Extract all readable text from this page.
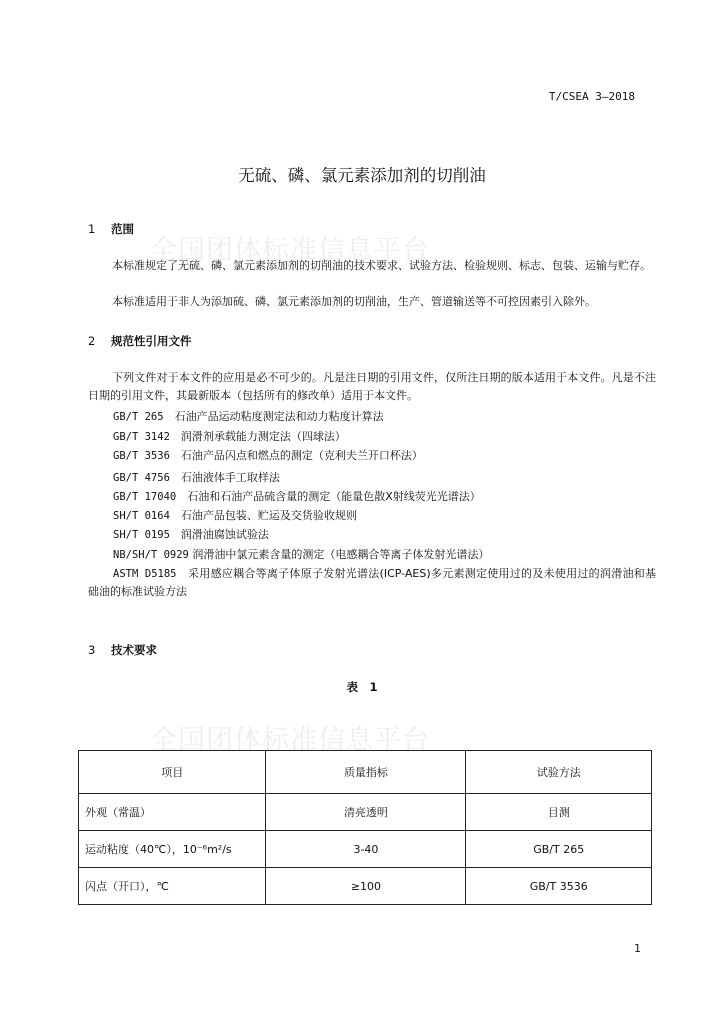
全国团体标准信息平台
全国团体标准信息平台
T/CSEA 3—2018
无硫、磷、氯元素添加剂的切削油
1 范围
本标准规定了无硫、磷、氯元素添加剂的切削油的技术要求、试验方法、检验规则、标志、包装、运输与贮存。
本标准适用于非人为添加硫、磷、氯元素添加剂的切削油，生产、管道输送等不可控因素引入除外。
2 规范性引用文件
下列文件对于本文件的应用是必不可少的。凡是注日期的引用文件，仅所注日期的版本适用于本文件。凡是不注日期的引用文件，其最新版本（包括所有的修改单）适用于本文件。
GB/T 265　 石油产品运动粘度测定法和动力粘度计算法
GB/T 3142　 润滑剂承载能力测定法（四球法）
GB/T 3536　 石油产品闪点和燃点的测定（克利夫兰开口杯法）
GB/T 4756　 石油液体手工取样法
GB/T 17040　 石油和石油产品硫含量的测定（能量色散X射线荧光光谱法）
SH/T 0164　 石油产品包装、贮运及交货验收规则
SH/T 0195　 润滑油腐蚀试验法
NB/SH/T 0929 润滑油中氯元素含量的测定（电感耦合等离子体发射光谱法）
ASTM D5185　 采用感应耦合等离子体原子发射光谱法(ICP-AES)多元素测定使用过的及未使用过的润滑油和基础油的标准试验方法
3 技术要求
表　1
项目	质量指标	试验方法
外观（常温）	清亮透明	目测
运动粘度（40℃），10⁻⁶m²/s	3-40	GB/T 265
闪点（开口），℃	≥100	GB/T 3536
1
